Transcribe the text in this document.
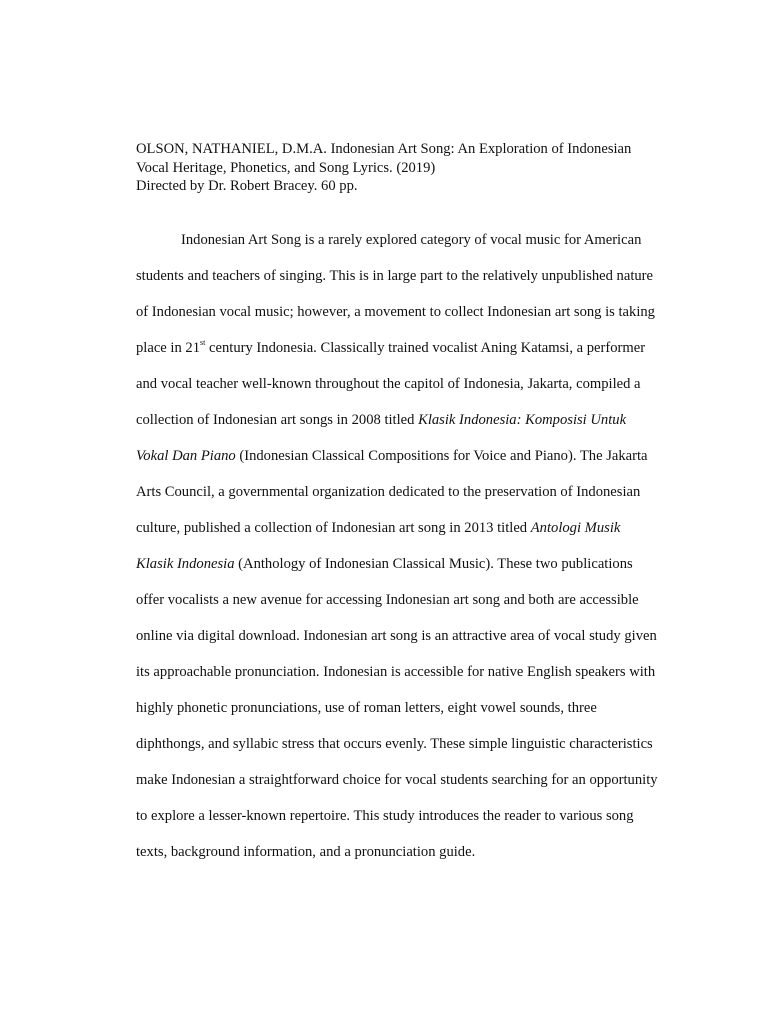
OLSON, NATHANIEL, D.M.A. Indonesian Art Song: An Exploration of Indonesian
Vocal Heritage, Phonetics, and Song Lyrics. (2019)
Directed by Dr. Robert Bracey. 60 pp.
Indonesian Art Song is a rarely explored category of vocal music for American
students and teachers of singing. This is in large part to the relatively unpublished nature
of Indonesian vocal music; however, a movement to collect Indonesian art song is taking
place in 21st century Indonesia. Classically trained vocalist Aning Katamsi, a performer
and vocal teacher well-known throughout the capitol of Indonesia, Jakarta, compiled a
collection of Indonesian art songs in 2008 titled Klasik Indonesia: Komposisi Untuk
Vokal Dan Piano (Indonesian Classical Compositions for Voice and Piano). The Jakarta
Arts Council, a governmental organization dedicated to the preservation of Indonesian
culture, published a collection of Indonesian art song in 2013 titled Antologi Musik
Klasik Indonesia (Anthology of Indonesian Classical Music). These two publications
offer vocalists a new avenue for accessing Indonesian art song and both are accessible
online via digital download. Indonesian art song is an attractive area of vocal study given
its approachable pronunciation. Indonesian is accessible for native English speakers with
highly phonetic pronunciations, use of roman letters, eight vowel sounds, three
diphthongs, and syllabic stress that occurs evenly. These simple linguistic characteristics
make Indonesian a straightforward choice for vocal students searching for an opportunity
to explore a lesser-known repertoire. This study introduces the reader to various song
texts, background information, and a pronunciation guide.
